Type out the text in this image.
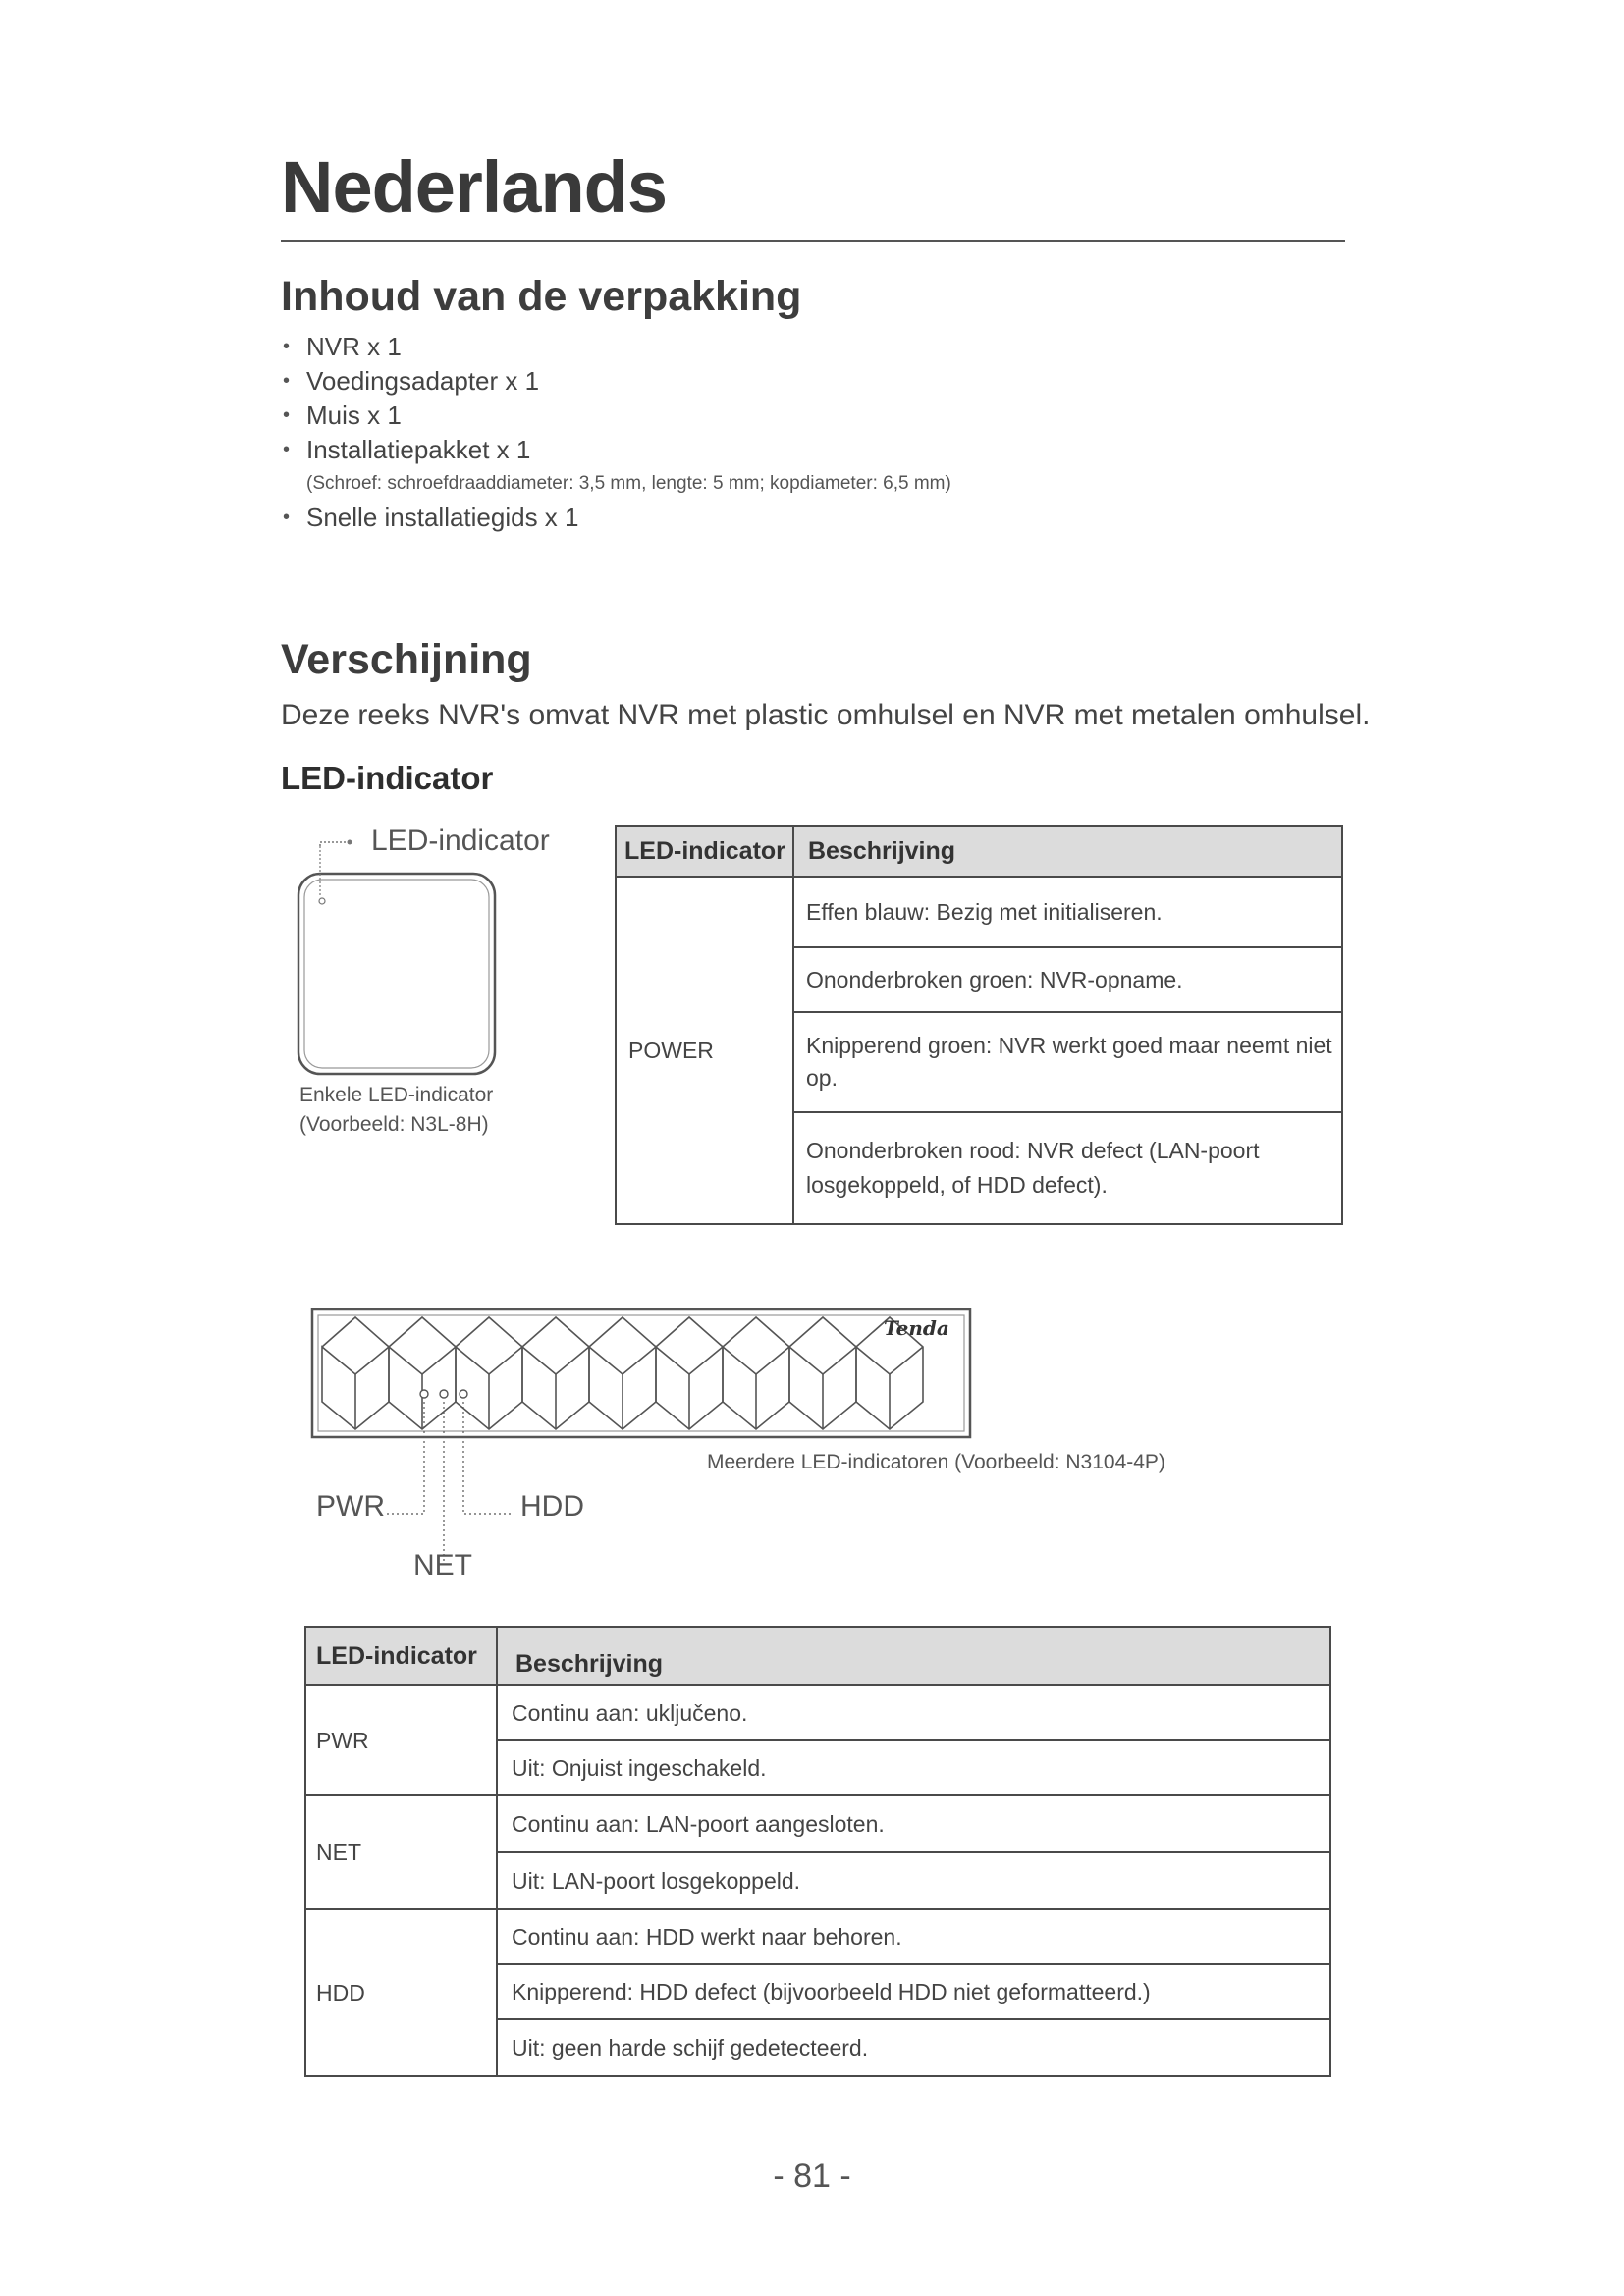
Nederlands
Inhoud van de verpakking
• NVR x 1
• Voedingsadapter x 1
• Muis x 1
• Installatiepakket x 1
(Schroef: schroefdraaddiameter: 3,5 mm, lengte: 5 mm; kopdiameter: 6,5 mm)
• Snelle installatiegids x 1
Verschijning
Deze reeks NVR's omvat NVR met plastic omhulsel en NVR met metalen omhulsel.
LED-indicator
LED-indicator
Enkele LED-indicator
(Voorbeeld: N3L-8H)
LED-indicator	Beschrijving
POWER	Effen blauw: Bezig met initialiseren.
	Ononderbroken groen: NVR-opname.
	Knipperend groen: NVR werkt goed maar neemt niet op.
	Ononderbroken rood: NVR defect (LAN-poort losgekoppeld, of HDD defect).
Tenda
PWR	HDD
NET
Meerdere LED-indicatoren (Voorbeeld: N3104-4P)
LED-indicator	Beschrijving
PWR	Continu aan: uključeno.
	Uit: Onjuist ingeschakeld.
NET	Continu aan: LAN-poort aangesloten.
	Uit: LAN-poort losgekoppeld.
HDD	Continu aan: HDD werkt naar behoren.
	Knipperend: HDD defect (bijvoorbeeld HDD niet geformatteerd.)
	Uit: geen harde schijf gedetecteerd.
- 81 -
